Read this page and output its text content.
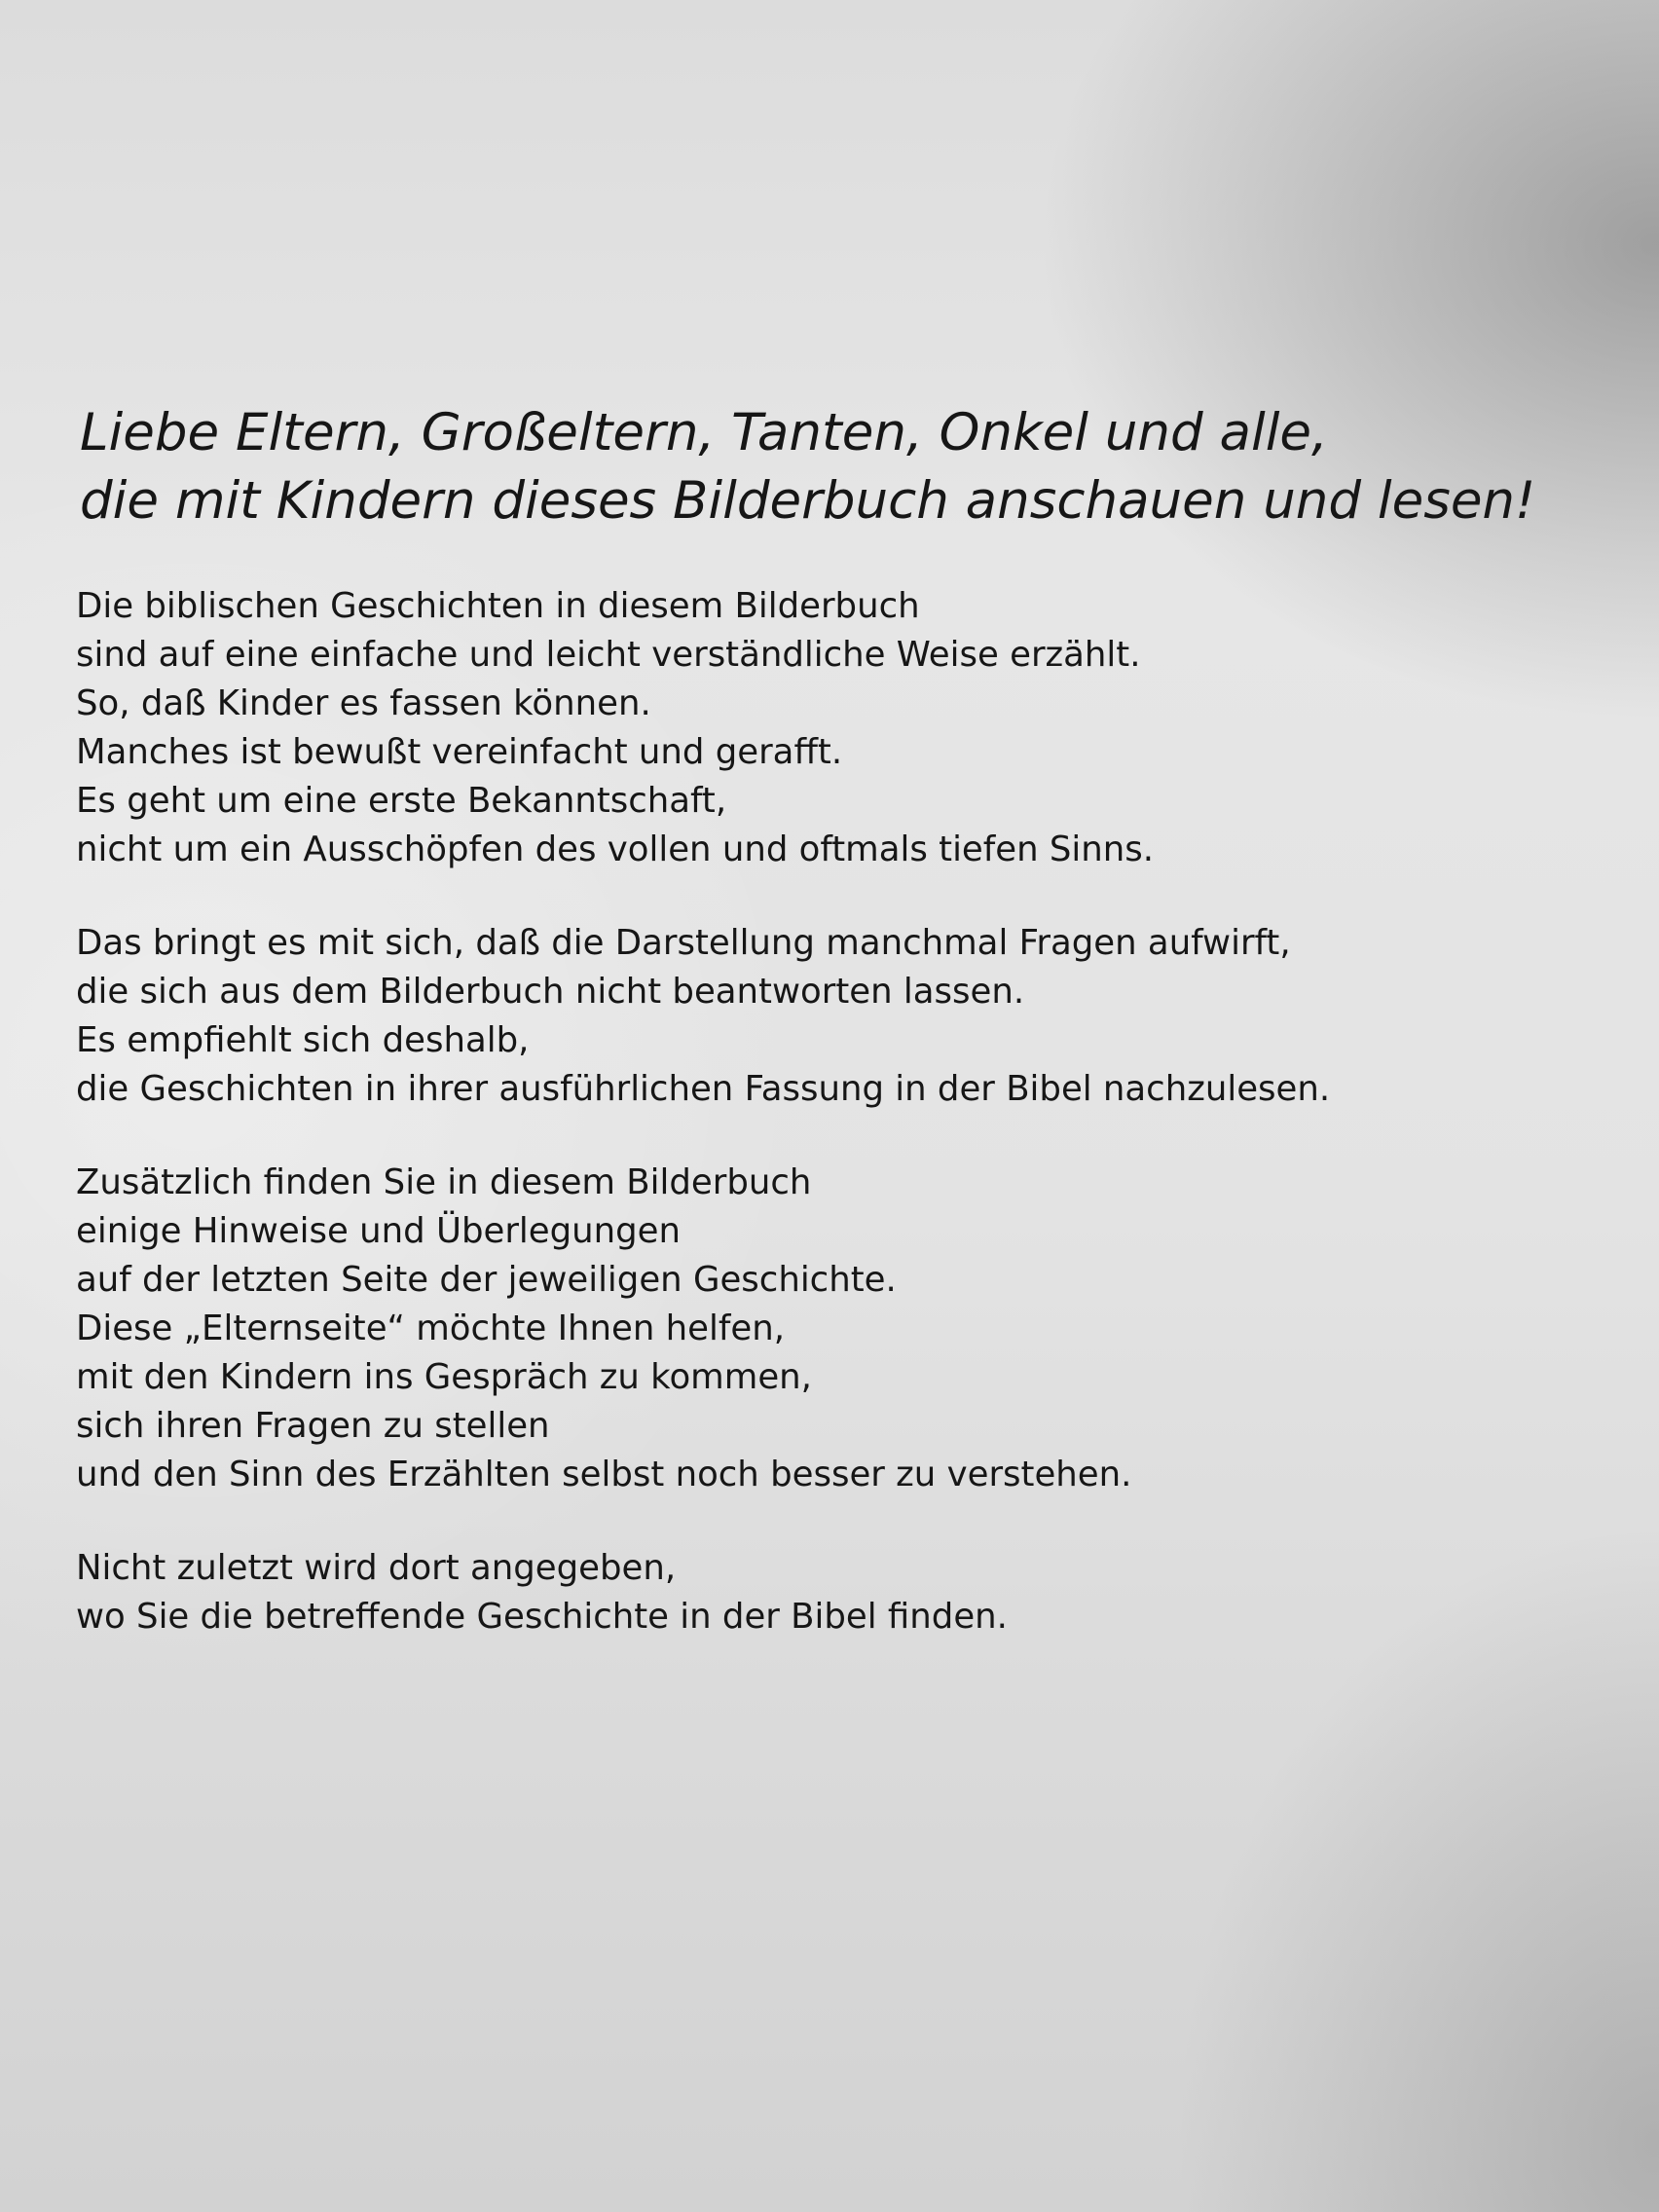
Liebe Eltern, Großeltern, Tanten, Onkel und alle,
die mit Kindern dieses Bilderbuch anschauen und lesen!

Die biblischen Geschichten in diesem Bilderbuch
sind auf eine einfache und leicht verständliche Weise erzählt.
So, daß Kinder es fassen können.
Manches ist bewußt vereinfacht und gerafft.
Es geht um eine erste Bekanntschaft,
nicht um ein Ausschöpfen des vollen und oftmals tiefen Sinns.

Das bringt es mit sich, daß die Darstellung manchmal Fragen aufwirft,
die sich aus dem Bilderbuch nicht beantworten lassen.
Es empfiehlt sich deshalb,
die Geschichten in ihrer ausführlichen Fassung in der Bibel nachzulesen.

Zusätzlich finden Sie in diesem Bilderbuch
einige Hinweise und Überlegungen
auf der letzten Seite der jeweiligen Geschichte.
Diese „Elternseite“ möchte Ihnen helfen,
mit den Kindern ins Gespräch zu kommen,
sich ihren Fragen zu stellen
und den Sinn des Erzählten selbst noch besser zu verstehen.

Nicht zuletzt wird dort angegeben,
wo Sie die betreffende Geschichte in der Bibel finden.
